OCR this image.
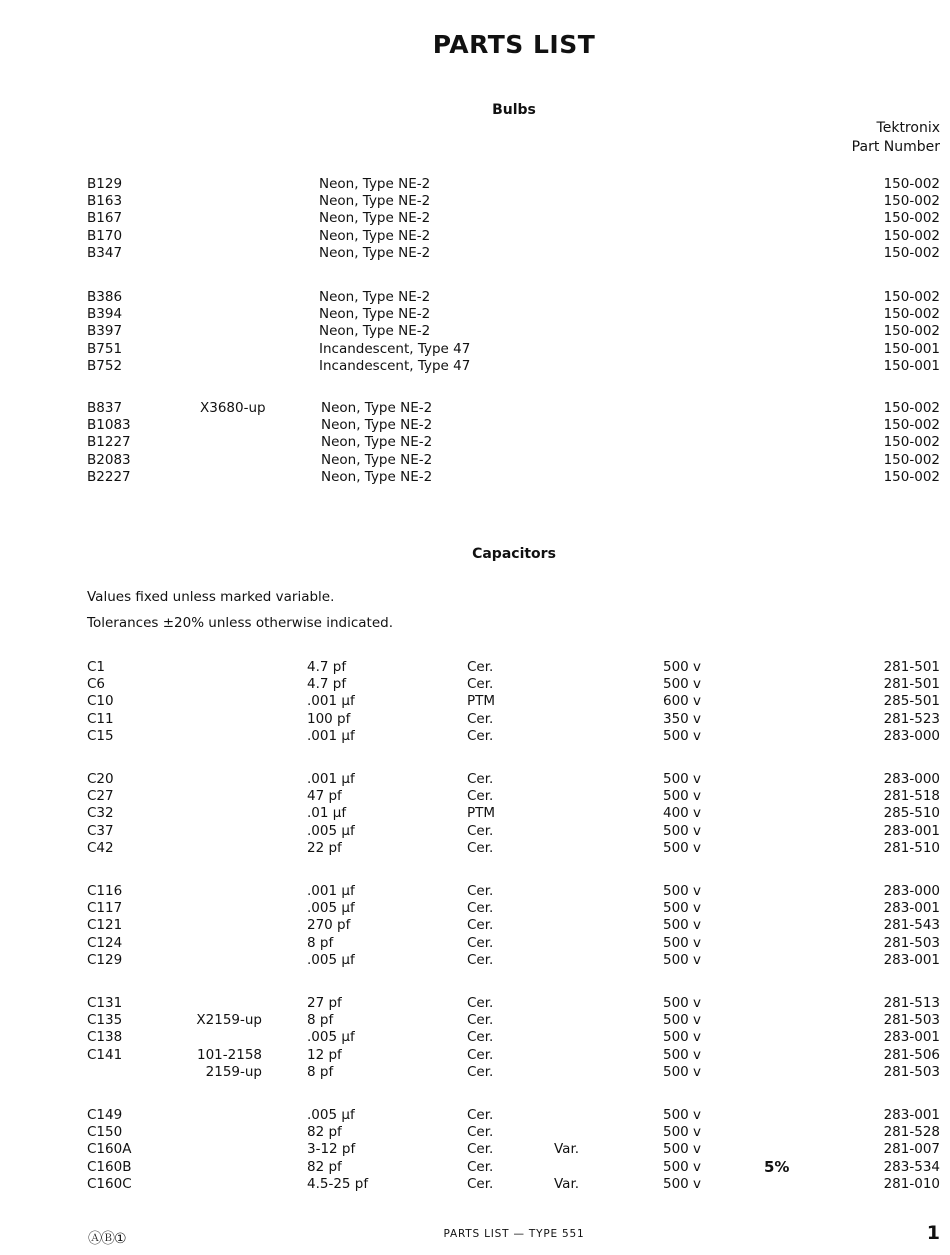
PARTS LIST
Bulbs
Tektronix
Part Number
Capacitors
Values fixed unless marked variable.
Tolerances ±20% unless otherwise indicated.
B129	Neon, Type NE-2	150-002
B163	Neon, Type NE-2	150-002
B167	Neon, Type NE-2	150-002
B170	Neon, Type NE-2	150-002
B347	Neon, Type NE-2	150-002
B386	Neon, Type NE-2	150-002
B394	Neon, Type NE-2	150-002
B397	Neon, Type NE-2	150-002
B751	Incandescent, Type 47	150-001
B752	Incandescent, Type 47	150-001
B837	X3680-up	Neon, Type NE-2	150-002
B1083	Neon, Type NE-2	150-002
B1227	Neon, Type NE-2	150-002
B2083	Neon, Type NE-2	150-002
B2227	Neon, Type NE-2	150-002
C1	4.7 pf	Cer.	500 v	281-501
C6	4.7 pf	Cer.	500 v	281-501
C10	.001 µf	PTM	600 v	285-501
C11	100 pf	Cer.	350 v	281-523
C15	.001 µf	Cer.	500 v	283-000
C20	.001 µf	Cer.	500 v	283-000
C27	47 pf	Cer.	500 v	281-518
C32	.01 µf	PTM	400 v	285-510
C37	.005 µf	Cer.	500 v	283-001
C42	22 pf	Cer.	500 v	281-510
C116	.001 µf	Cer.	500 v	283-000
C117	.005 µf	Cer.	500 v	283-001
C121	270 pf	Cer.	500 v	281-543
C124	8 pf	Cer.	500 v	281-503
C129	.005 µf	Cer.	500 v	283-001
C131	27 pf	Cer.	500 v	281-513
C135	X2159-up	8 pf	Cer.	500 v	281-503
C138	.005 µf	Cer.	500 v	283-001
C141	101-2158	12 pf	Cer.	500 v	281-506
2159-up	8 pf	Cer.	500 v	281-503
C149	.005 µf	Cer.	500 v	283-001
C150	82 pf	Cer.	500 v	281-528
C160A	3-12 pf	Cer.	Var.	500 v	281-007
C160B	82 pf	Cer.	500 v	5%	283-534
C160C	4.5-25 pf	Cer.	Var.	500 v	281-010
ⒶⒷ①	PARTS LIST — TYPE 551	1
